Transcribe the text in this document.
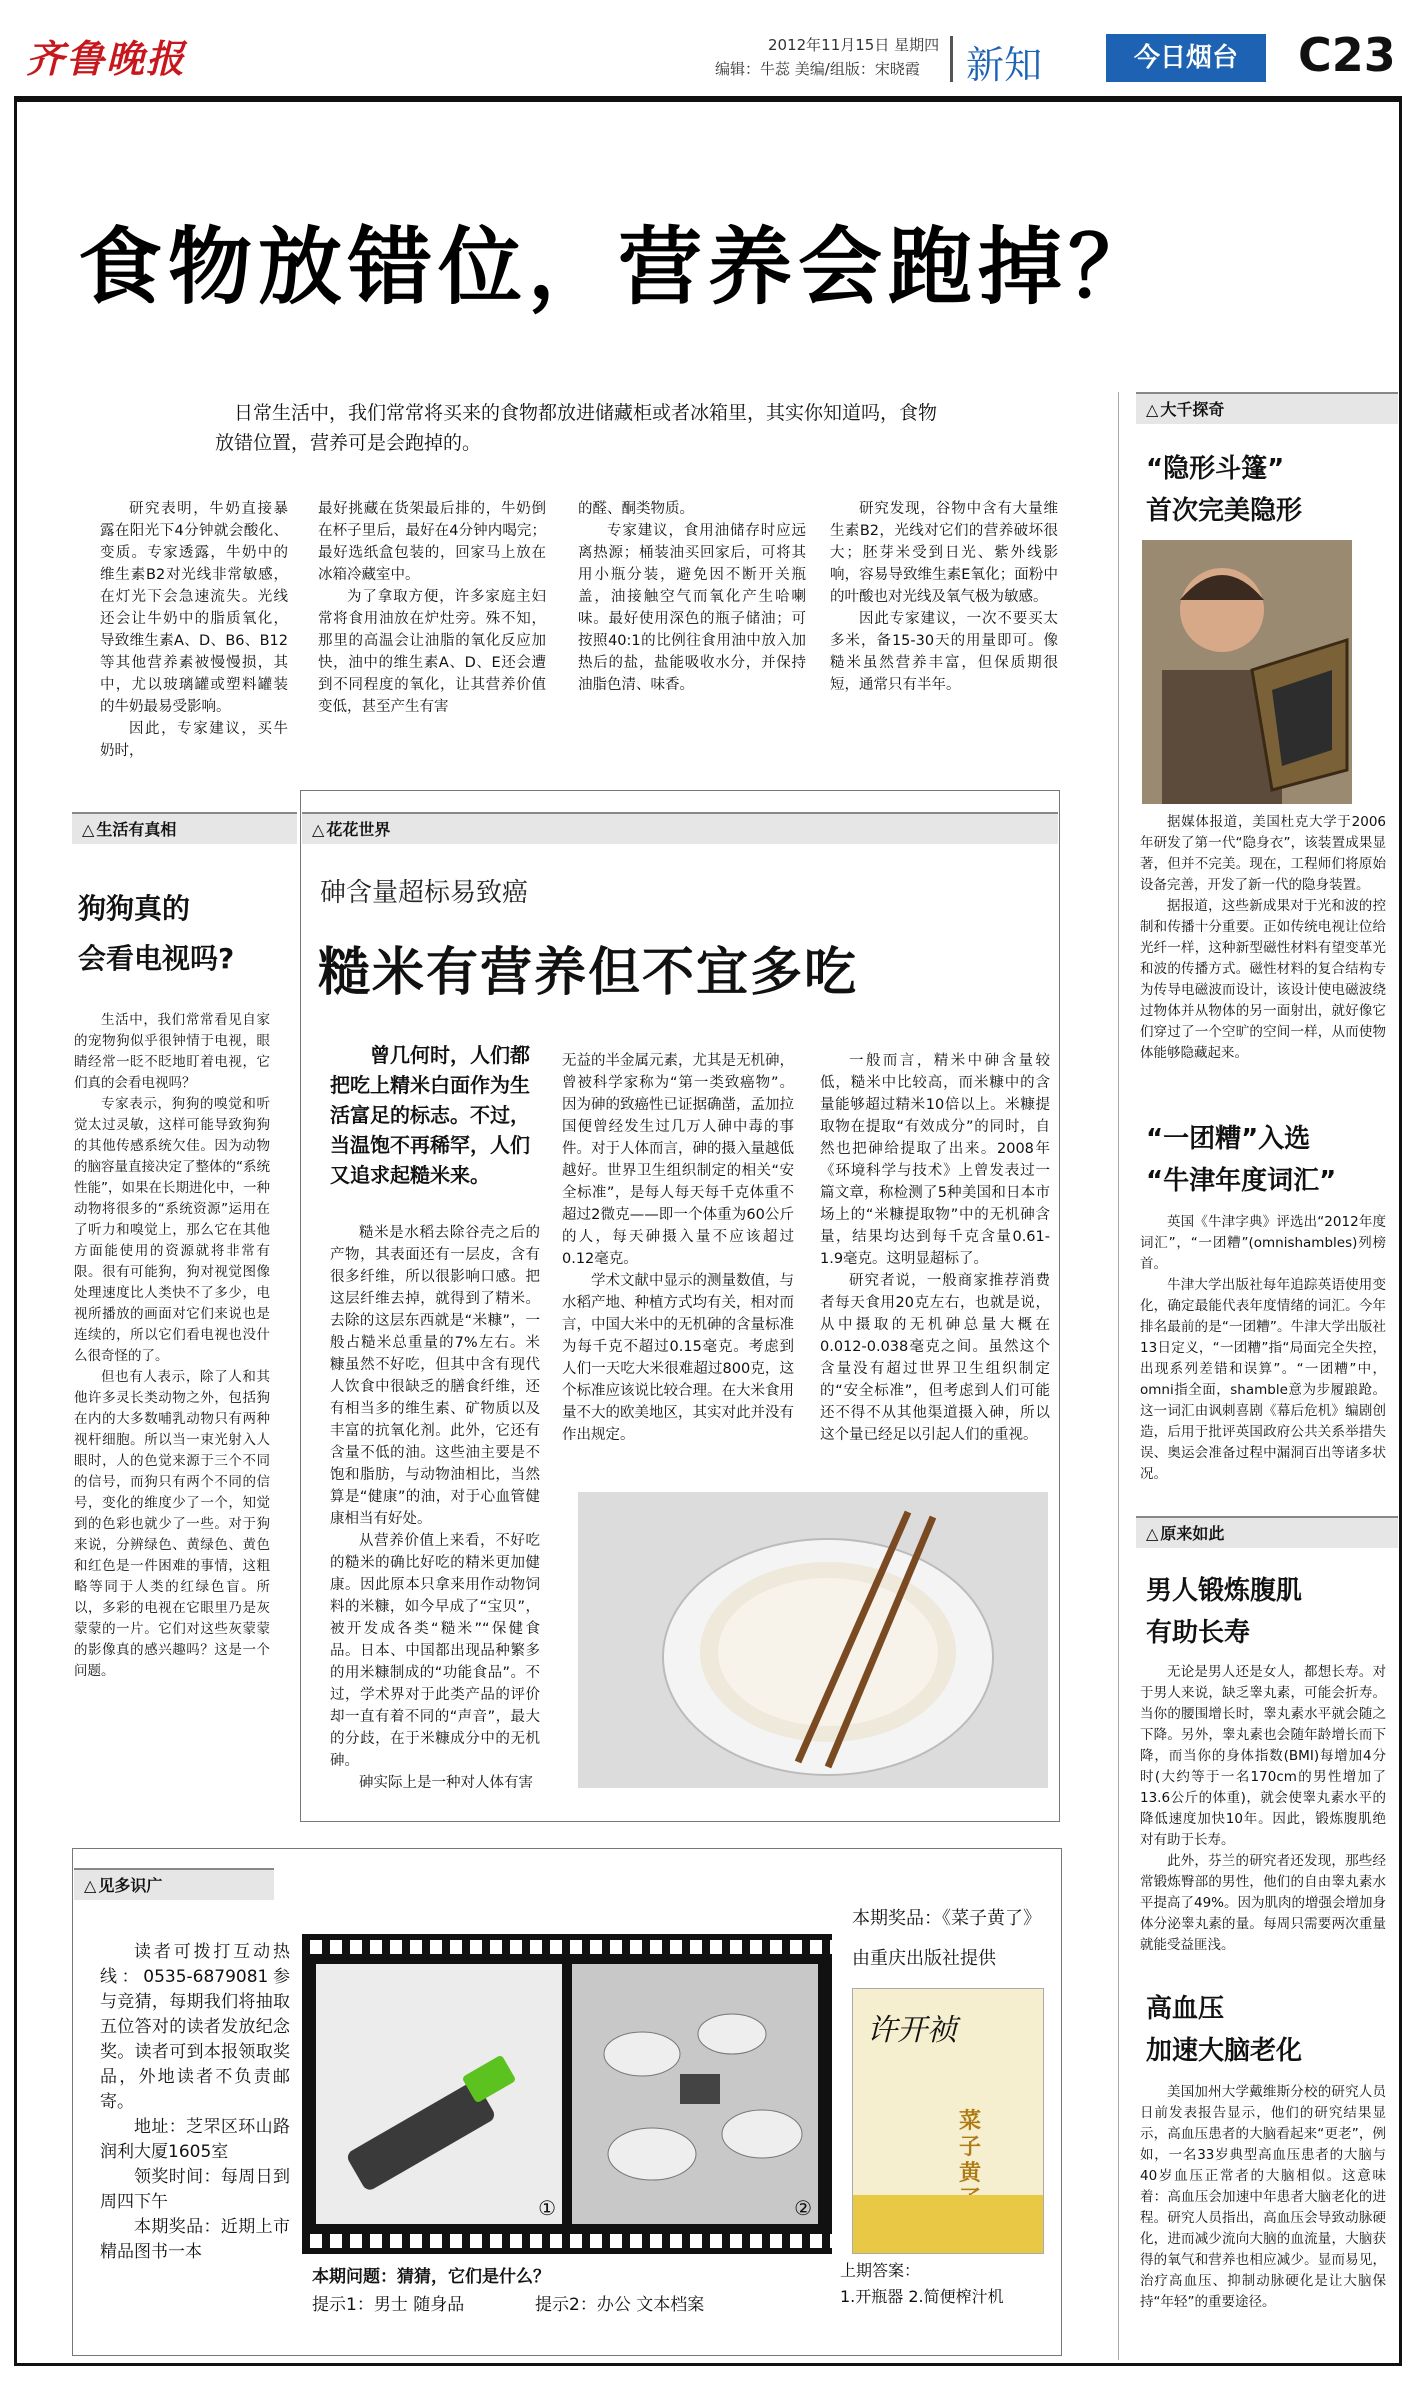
齐鲁晚报	2012年11月15日 星期四
编辑：牛蕊 美编/组版：宋晓霞 新知	今日烟台	C23
食物放错位，营养会跑掉？
日常生活中，我们常常将买来的食物都放进储藏柜或者冰箱里，其实你知道吗，食物放错位置，营养可是会跑掉的。

研究表明，牛奶直接暴露在阳光下4分钟就会酸化、变质。专家透露，牛奶中的维生素B2对光线非常敏感，在灯光下会急速流失。光线还会让牛奶中的脂质氧化，导致维生素A、D、B6、B12等其他营养素被慢慢损，其中，尤以玻璃罐或塑料罐装的牛奶最易受影响。

因此，专家建议，买牛奶时，

最好挑藏在货架最后排的，牛奶倒在杯子里后，最好在4分钟内喝完；最好选纸盒包装的，回家马上放在冰箱冷藏室中。

为了拿取方便，许多家庭主妇常将食用油放在炉灶旁。殊不知，那里的高温会让油脂的氧化反应加快，油中的维生素A、D、E还会遭到不同程度的氧化，让其营养价值变低，甚至产生有害

的醛、酮类物质。

专家建议，食用油储存时应远离热源；桶装油买回家后，可将其用小瓶分装，避免因不断开关瓶盖，油接触空气而氧化产生哈喇味。最好使用深色的瓶子储油；可按照40:1的比例往食用油中放入加热后的盐，盐能吸收水分，并保持油脂色清、味香。

研究发现，谷物中含有大量维生素B2，光线对它们的营养破坏很大；胚芽米受到日光、紫外线影响，容易导致维生素E氧化；面粉中的叶酸也对光线及氧气极为敏感。

因此专家建议，一次不要买太多米，备15-30天的用量即可。像糙米虽然营养丰富，但保质期很短，通常只有半年。

△ 生活有真相
狗狗真的
会看电视吗?

生活中，我们常常看见自家的宠物狗似乎很钟情于电视，眼睛经常一眨不眨地盯着电视，它们真的会看电视吗？

专家表示，狗狗的嗅觉和听觉太过灵敏，这样可能导致狗狗的其他传感系统欠佳。因为动物的脑容量直接决定了整体的“系统性能”，如果在长期进化中，一种动物将很多的“系统资源”运用在了听力和嗅觉上，那么它在其他方面能使用的资源就将非常有限。很有可能狗，狗对视觉图像处理速度比人类快不了多少，电视所播放的画面对它们来说也是连续的，所以它们看电视也没什么很奇怪的了。

但也有人表示，除了人和其他许多灵长类动物之外，包括狗在内的大多数哺乳动物只有两种视杆细胞。所以当一束光射入人眼时，人的色觉来源于三个不同的信号，而狗只有两个不同的信号，变化的维度少了一个，知觉到的色彩也就少了一些。对于狗来说，分辨绿色、黄绿色、黄色和红色是一件困难的事情，这粗略等同于人类的红绿色盲。所以，多彩的电视在它眼里乃是灰蒙蒙的一片。它们对这些灰蒙蒙的影像真的感兴趣吗？这是一个问题。

△ 花花世界
砷含量超标易致癌
糙米有营养但不宜多吃
曾几何时，人们都把吃上精米白面作为生活富足的标志。不过，当温饱不再稀罕，人们又追求起糙米来。

糙米是水稻去除谷壳之后的产物，其表面还有一层皮，含有很多纤维，所以很影响口感。把这层纤维去掉，就得到了精米。去除的这层东西就是“米糠”，一般占糙米总重量的7%左右。米糠虽然不好吃，但其中含有现代人饮食中很缺乏的膳食纤维，还有相当多的维生素、矿物质以及丰富的抗氧化剂。此外，它还有含量不低的油。这些油主要是不饱和脂肪，与动物油相比，当然算是“健康”的油，对于心血管健康相当有好处。

从营养价值上来看，不好吃的糙米的确比好吃的精米更加健康。因此原本只拿来用作动物饲料的米糠，如今早成了“宝贝”，被开发成各类“糙米”“保健食品。日本、中国都出现品种繁多的用米糠制成的“功能食品”。不过，学术界对于此类产品的评价却一直有着不同的“声音”，最大的分歧，在于米糠成分中的无机砷。

砷实际上是一种对人体有害

无益的半金属元素，尤其是无机砷，曾被科学家称为“第一类致癌物”。因为砷的致癌性已证据确凿，孟加拉国便曾经发生过几万人砷中毒的事件。对于人体而言，砷的摄入量越低越好。世界卫生组织制定的相关“安全标准”，是每人每天每千克体重不超过2微克——即一个体重为60公斤的人，每天砷摄入量不应该超过0.12毫克。

学术文献中显示的测量数值，与水稻产地、种植方式均有关，相对而言，中国大米中的无机砷的含量标准为每千克不超过0.15毫克。考虑到人们一天吃大米很难超过800克，这个标准应该说比较合理。在大米食用量不大的欧美地区，其实对此并没有作出规定。

一般而言，精米中砷含量较低，糙米中比较高，而米糠中的含量能够超过精米10倍以上。米糠提取物在提取“有效成分”的同时，自然也把砷给提取了出来。2008年《环境科学与技术》上曾发表过一篇文章，称检测了5种美国和日本市场上的“米糠提取物”中的无机砷含量，结果均达到每千克含量0.61-1.9毫克。这明显超标了。

研究者说，一般商家推荐消费者每天食用20克左右，也就是说，从中摄取的无机砷总量大概在0.012-0.038毫克之间。虽然这个含量没有超过世界卫生组织制定的“安全标准”，但考虑到人们可能还不得不从其他渠道摄入砷，所以这个量已经足以引起人们的重视。

△ 见多识广

读者可拨打互动热线：0535-6879081参与竞猜，每期我们将抽取五位答对的读者发放纪念奖。读者可到本报领取奖品，外地读者不负责邮寄。

地址：芝罘区环山路润利大厦1605室

领奖时间：每周日到周四下午

本期奖品：近期上市精品图书一本

①	②
本期问题：猜猜，它们是什么？
提示1：男士 随身品	提示2：办公 文本档案
本期奖品：《菜子黄了》
由重庆出版社提供
许开祯
菜子黄
上期答案：
1.开瓶器 2.简便榨汁机
△ 大千探奇
“隐形斗篷”
首次完美隐形

据媒体报道，美国杜克大学于2006年研发了第一代“隐身衣”，该装置成果显著，但并不完美。现在，工程师们将原始设备完善，开发了新一代的隐身装置。

据报道，这些新成果对于光和波的控制和传播十分重要。正如传统电视让位给光纤一样，这种新型磁性材料有望变革光和波的传播方式。磁性材料的复合结构专为传导电磁波而设计，该设计使电磁波绕过物体并从物体的另一面射出，就好像它们穿过了一个空旷的空间一样，从而使物体能够隐藏起来。

“一团糟”入选
“牛津年度词汇”

英国《牛津字典》评选出“2012年度词汇”，“一团糟”(omnishambles)列榜首。

牛津大学出版社每年追踪英语使用变化，确定最能代表年度情绪的词汇。今年排名最前的是“一团糟”。牛津大学出版社13日定义，“一团糟”指“局面完全失控，出现系列差错和误算”。“一团糟”中，omni指全面，shamble意为步履踉跄。这一词汇由讽刺喜剧《幕后危机》编剧创造，后用于批评英国政府公共关系举措失误、奥运会准备过程中漏洞百出等诸多状况。

△ 原来如此
男人锻炼腹肌
有助长寿

无论是男人还是女人，都想长寿。对于男人来说，缺乏睾丸素，可能会折寿。当你的腰围增长时，睾丸素水平就会随之下降。另外，睾丸素也会随年龄增长而下降，而当你的身体指数(BMI)每增加4分时(大约等于一名170cm的男性增加了13.6公斤的体重)，就会使睾丸素水平的降低速度加快10年。因此，锻炼腹肌绝对有助于长寿。

此外，芬兰的研究者还发现，那些经常锻炼臀部的男性，他们的自由睾丸素水平提高了49%。因为肌肉的增强会增加身体分泌睾丸素的量。每周只需要两次重量就能受益匪浅。

高血压
加速大脑老化

美国加州大学戴维斯分校的研究人员日前发表报告显示，他们的研究结果显示，高血压患者的大脑看起来“更老”，例如，一名33岁典型高血压患者的大脑与40岁血压正常者的大脑相似。这意味着：高血压会加速中年患者大脑老化的进程。研究人员指出，高血压会导致动脉硬化，进而减少流向大脑的血流量，大脑获得的氧气和营养也相应减少。显而易见，治疗高血压、抑制动脉硬化是让大脑保持“年轻”的重要途径。
